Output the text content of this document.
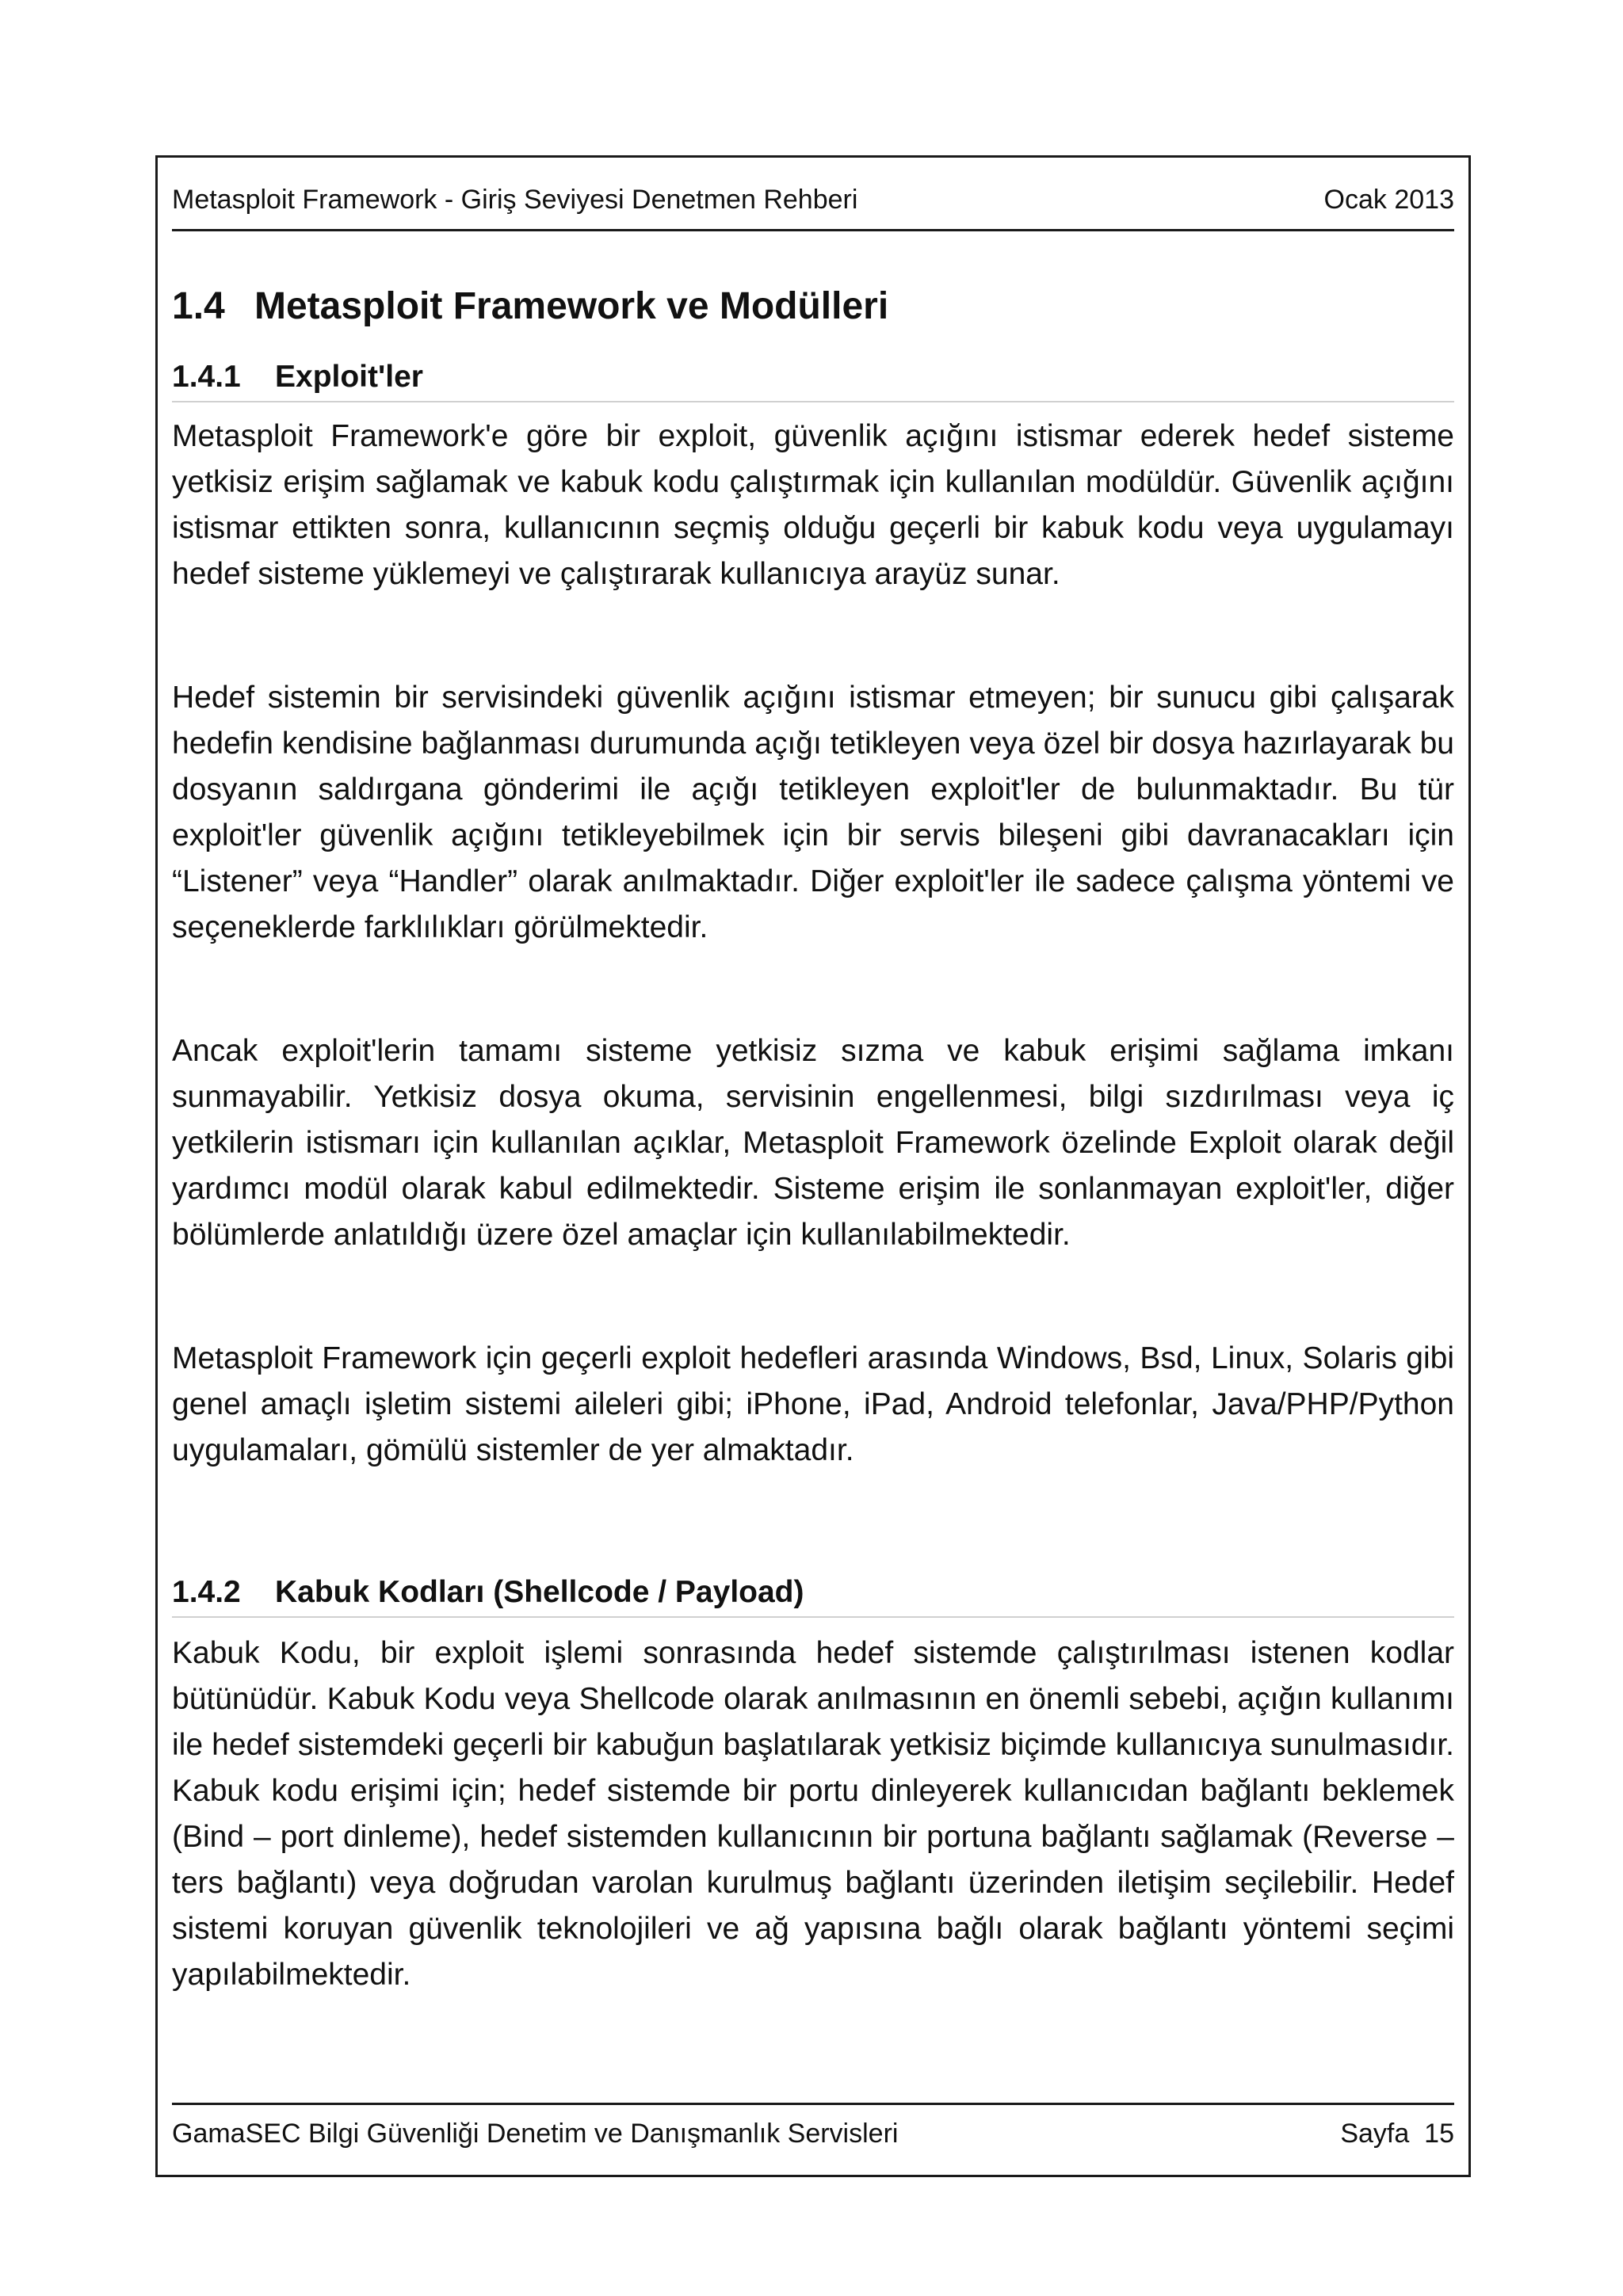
Metasploit Framework - Giriş Seviyesi Denetmen Rehberi	Ocak 2013
1.4 Metasploit Framework ve Modülleri
1.4.1	Exploit'ler

Metasploit Framework'e göre bir exploit, güvenlik açığını istismar ederek hedef sisteme yetkisiz erişim sağlamak ve kabuk kodu çalıştırmak için kullanılan modüldür. Güvenlik açığını istismar ettikten sonra, kullanıcının seçmiş olduğu geçerli bir kabuk kodu veya uygulamayı hedef sisteme yüklemeyi ve çalıştırarak kullanıcıya arayüz sunar.

Hedef sistemin bir servisindeki güvenlik açığını istismar etmeyen; bir sunucu gibi çalışarak hedefin kendisine bağlanması durumunda açığı tetikleyen veya özel bir dosya hazırlayarak bu dosyanın saldırgana gönderimi ile açığı tetikleyen exploit'ler de bulunmaktadır. Bu tür exploit'ler güvenlik açığını tetikleyebilmek için bir servis bileşeni gibi davranacakları için “Listener” veya “Handler” olarak anılmaktadır. Diğer exploit'ler ile sadece çalışma yöntemi ve seçeneklerde farklılıkları görülmektedir.

Ancak exploit'lerin tamamı sisteme yetkisiz sızma ve kabuk erişimi sağlama imkanı sunmayabilir. Yetkisiz dosya okuma, servisinin engellenmesi, bilgi sızdırılması veya iç yetkilerin istismarı için kullanılan açıklar, Metasploit Framework özelinde Exploit olarak değil yardımcı modül olarak kabul edilmektedir. Sisteme erişim ile sonlanmayan exploit'ler, diğer bölümlerde anlatıldığı üzere özel amaçlar için kullanılabilmektedir.

Metasploit Framework için geçerli exploit hedefleri arasında Windows, Bsd, Linux, Solaris gibi genel amaçlı işletim sistemi aileleri gibi; iPhone, iPad, Android telefonlar, Java/PHP/Python uygulamaları, gömülü sistemler de yer almaktadır.

1.4.2	Kabuk Kodları (Shellcode / Payload)

Kabuk Kodu, bir exploit işlemi sonrasında hedef sistemde çalıştırılması istenen kodlar bütünüdür. Kabuk Kodu veya Shellcode olarak anılmasının en önemli sebebi, açığın kullanımı ile hedef sistemdeki geçerli bir kabuğun başlatılarak yetkisiz biçimde kullanıcıya sunulmasıdır. Kabuk kodu erişimi için; hedef sistemde bir portu dinleyerek kullanıcıdan bağlantı beklemek (Bind – port dinleme), hedef sistemden kullanıcının bir portuna bağlantı sağlamak (Reverse – ters bağlantı) veya doğrudan varolan kurulmuş bağlantı üzerinden iletişim seçilebilir. Hedef sistemi koruyan güvenlik teknolojileri ve ağ yapısına bağlı olarak bağlantı yöntemi seçimi yapılabilmektedir.

GamaSEC Bilgi Güvenliği Denetim ve Danışmanlık Servisleri	Sayfa  15
